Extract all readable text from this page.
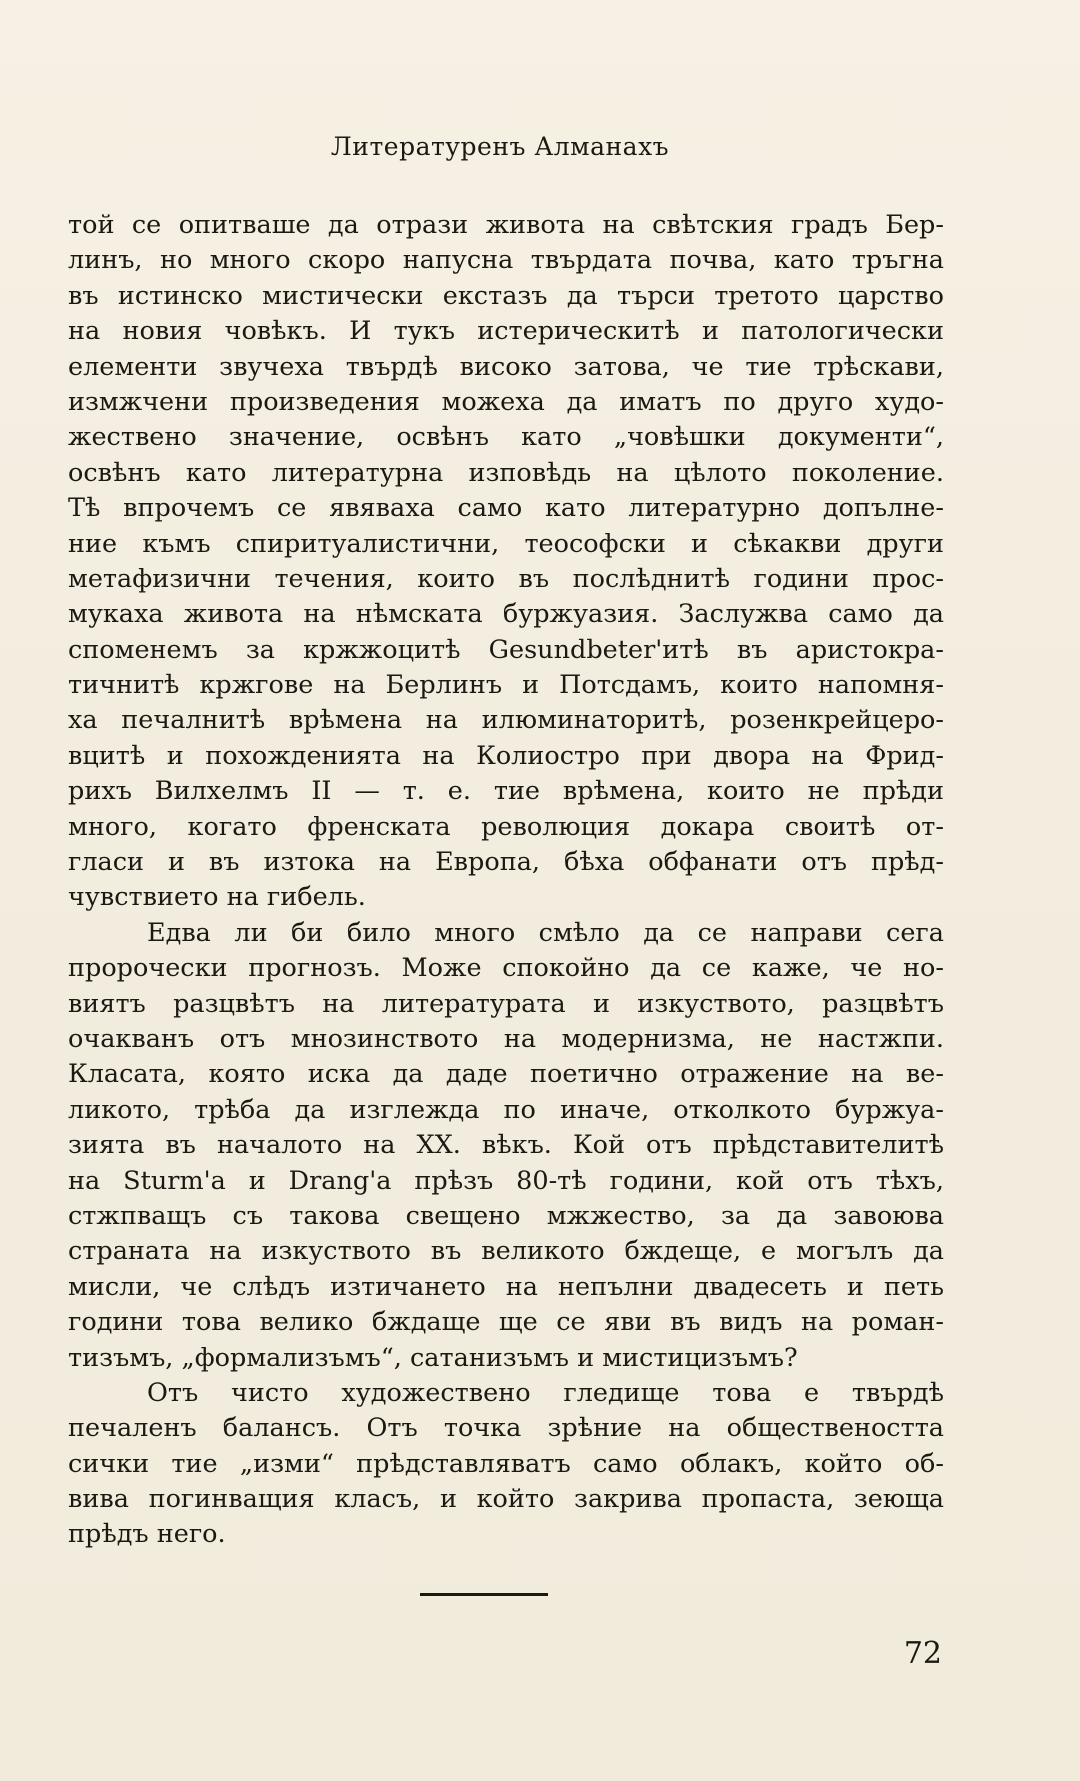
Литературенъ Алманахъ
той се опитваше да отрази живота на свѣтския градъ Бер-
линъ, но много скоро напусна твърдата почва, като тръгна
въ истинско мистически екстазъ да търси третото царство
на новия човѣкъ. И тукъ истерическитѣ и патологически
елементи звучеха твърдѣ високо затова, че тие трѣскави,
измжчени произведения можеха да иматъ по друго худо-
жествено значение, освѣнъ като „човѣшки документи“,
освѣнъ като литературна изповѣдь на цѣлото поколение.
Тѣ впрочемъ се явяваха само като литературно допълне-
ние къмъ спиритуалистични, теософски и сѣкакви други
метафизични течения, които въ послѣднитѣ години прос-
мукаха живота на нѣмската буржуазия. Заслужва само да
споменемъ за кржжоцитѣ Gesundbeter'итѣ въ аристокра-
тичнитѣ кржгове на Берлинъ и Потсдамъ, които напомня-
ха печалнитѣ врѣмена на илюминаторитѣ, розенкрейцеро-
вцитѣ и похожденията на Колиостро при двора на Фрид-
рихъ Вилхелмъ II — т. е. тие врѣмена, които не прѣди
много, когато френската революция докара своитѣ от-
гласи и въ изтока на Европа, бѣха обфанати отъ прѣд-
чувствието на гибель.
Едва ли би било много смѣло да се направи сега
пророчески прогнозъ. Може спокойно да се каже, че но-
виятъ разцвѣтъ на литературата и изкуството, разцвѣтъ
очакванъ отъ мнозинството на модернизма, не настжпи.
Класата, която иска да даде поетично отражение на ве-
ликото, трѣба да изглежда по иначе, отколкото буржуа-
зията въ началото на XX. вѣкъ. Кой отъ прѣдставителитѣ
на Sturm'а и Drang'а прѣзъ 80-тѣ години, кой отъ тѣхъ,
стжпващъ съ такова свещено мжжество, за да завоюва
страната на изкуството въ великото бждеще, е могълъ да
мисли, че слѣдъ изтичането на непълни двадесеть и петь
години това велико бждаще ще се яви въ видъ на роман-
тизъмъ, „формализъмъ“, сатанизъмъ и мистицизъмъ?
Отъ чисто художествено гледище това е твърдѣ
печаленъ балансъ. Отъ точка зрѣние на обществеността
сички тие „изми“ прѣдставляватъ само облакъ, който об-
вива погинващия класъ, и който закрива пропаста, зеюща
прѣдъ него.
72
